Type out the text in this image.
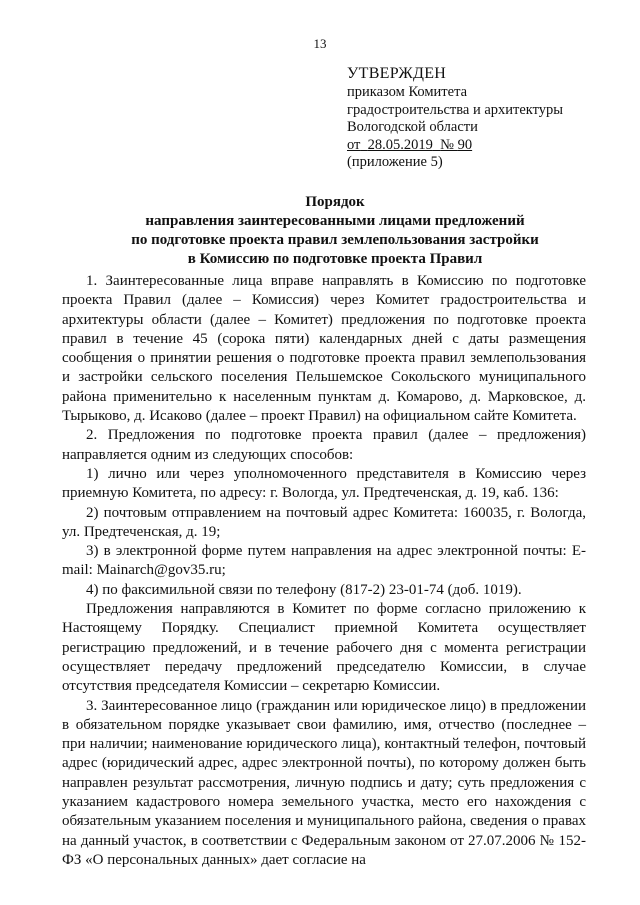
13
УТВЕРЖДЕН
приказом Комитета
градостроительства и архитектуры
Вологодской области
от 28.05.2019 № 90
(приложение 5)
Порядок
направления заинтересованными лицами предложений
по подготовке проекта правил землепользования застройки
в Комиссию по подготовке проекта Правил

1. Заинтересованные лица вправе направлять в Комиссию по подготовке проекта Правил (далее – Комиссия) через Комитет градостроительства и архитектуры области (далее – Комитет) предложения по подготовке проекта правил в течение 45 (сорока пяти) календарных дней с даты размещения сообщения о принятии решения о подготовке проекта правил землепользования и застройки сельского поселения Пельшемское Сокольского муниципального района применительно к населенным пунктам д. Комарово, д. Марковское, д. Тырыково, д. Исаково (далее – проект Правил) на официальном сайте Комитета.

2. Предложения по подготовке проекта правил (далее – предложения) направляется одним из следующих способов:

1) лично или через уполномоченного представителя в Комиссию через приемную Комитета, по адресу: г. Вологда, ул. Предтеченская, д. 19, каб. 136:

2) почтовым отправлением на почтовый адрес Комитета: 160035, г. Вологда, ул. Предтеченская, д. 19;

3) в электронной форме путем направления на адрес электронной почты: E-mail: Mainarch@gov35.ru;

4) по факсимильной связи по телефону (817-2) 23-01-74 (доб. 1019).

Предложения направляются в Комитет по форме согласно приложению к Настоящему Порядку. Специалист приемной Комитета осуществляет регистрацию предложений, и в течение рабочего дня с момента регистрации осуществляет передачу предложений председателю Комиссии, в случае отсутствия председателя Комиссии – секретарю Комиссии.

3. Заинтересованное лицо (гражданин или юридическое лицо) в предложении в обязательном порядке указывает свои фамилию, имя, отчество (последнее – при наличии; наименование юридического лица), контактный телефон, почтовый адрес (юридический адрес, адрес электронной почты), по которому должен быть направлен результат рассмотрения, личную подпись и дату; суть предложения с указанием кадастрового номера земельного участка, место его нахождения с обязательным указанием поселения и муниципального района, сведения о правах на данный участок, в соответствии с Федеральным законом от 27.07.2006 № 152-ФЗ «О персональных данных» дает согласие на
